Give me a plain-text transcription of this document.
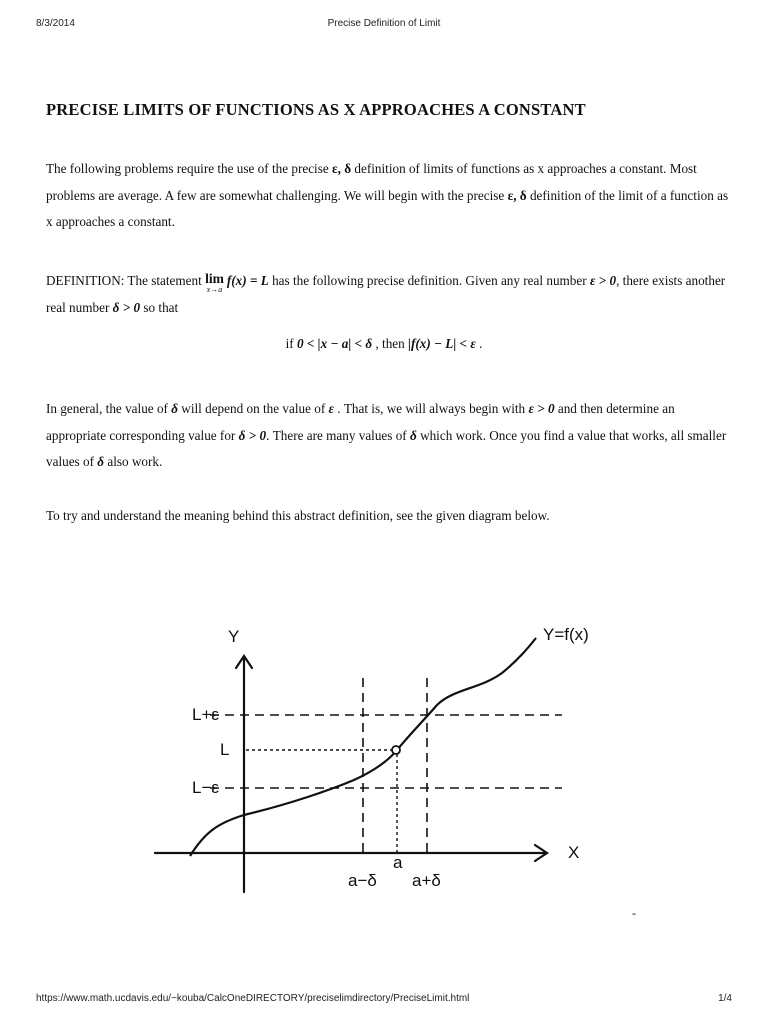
8/3/2014	Precise Definition of Limit
PRECISE LIMITS OF FUNCTIONS AS X APPROACHES A CONSTANT

The following problems require the use of the precise ε, δ definition of limits of functions as x approaches a constant. Most problems are average. A few are somewhat challenging. We will begin with the precise ε, δ definition of the limit of a function as x approaches a constant.

DEFINITION: The statement lim
x→a
f(x) = L has the following precise definition. Given any real number ε > 0, there exists another real number δ > 0 so that

if 0 < |x − a| < δ , then |f(x) − L| < ε .

In general, the value of δ will depend on the value of ε . That is, we will always begin with ε > 0 and then determine an appropriate corresponding value for δ > 0. There are many values of δ which work. Once you find a value that works, all smaller values of δ also work.

To try and understand the meaning behind this abstract definition, see the given diagram below.

Y
X
Y=f(x)
L+ε
L
L−ε
a−δ
a
a+δ
-
https://www.math.ucdavis.edu/~kouba/CalcOneDIRECTORY/preciselimdirectory/PreciseLimit.html	1/4
